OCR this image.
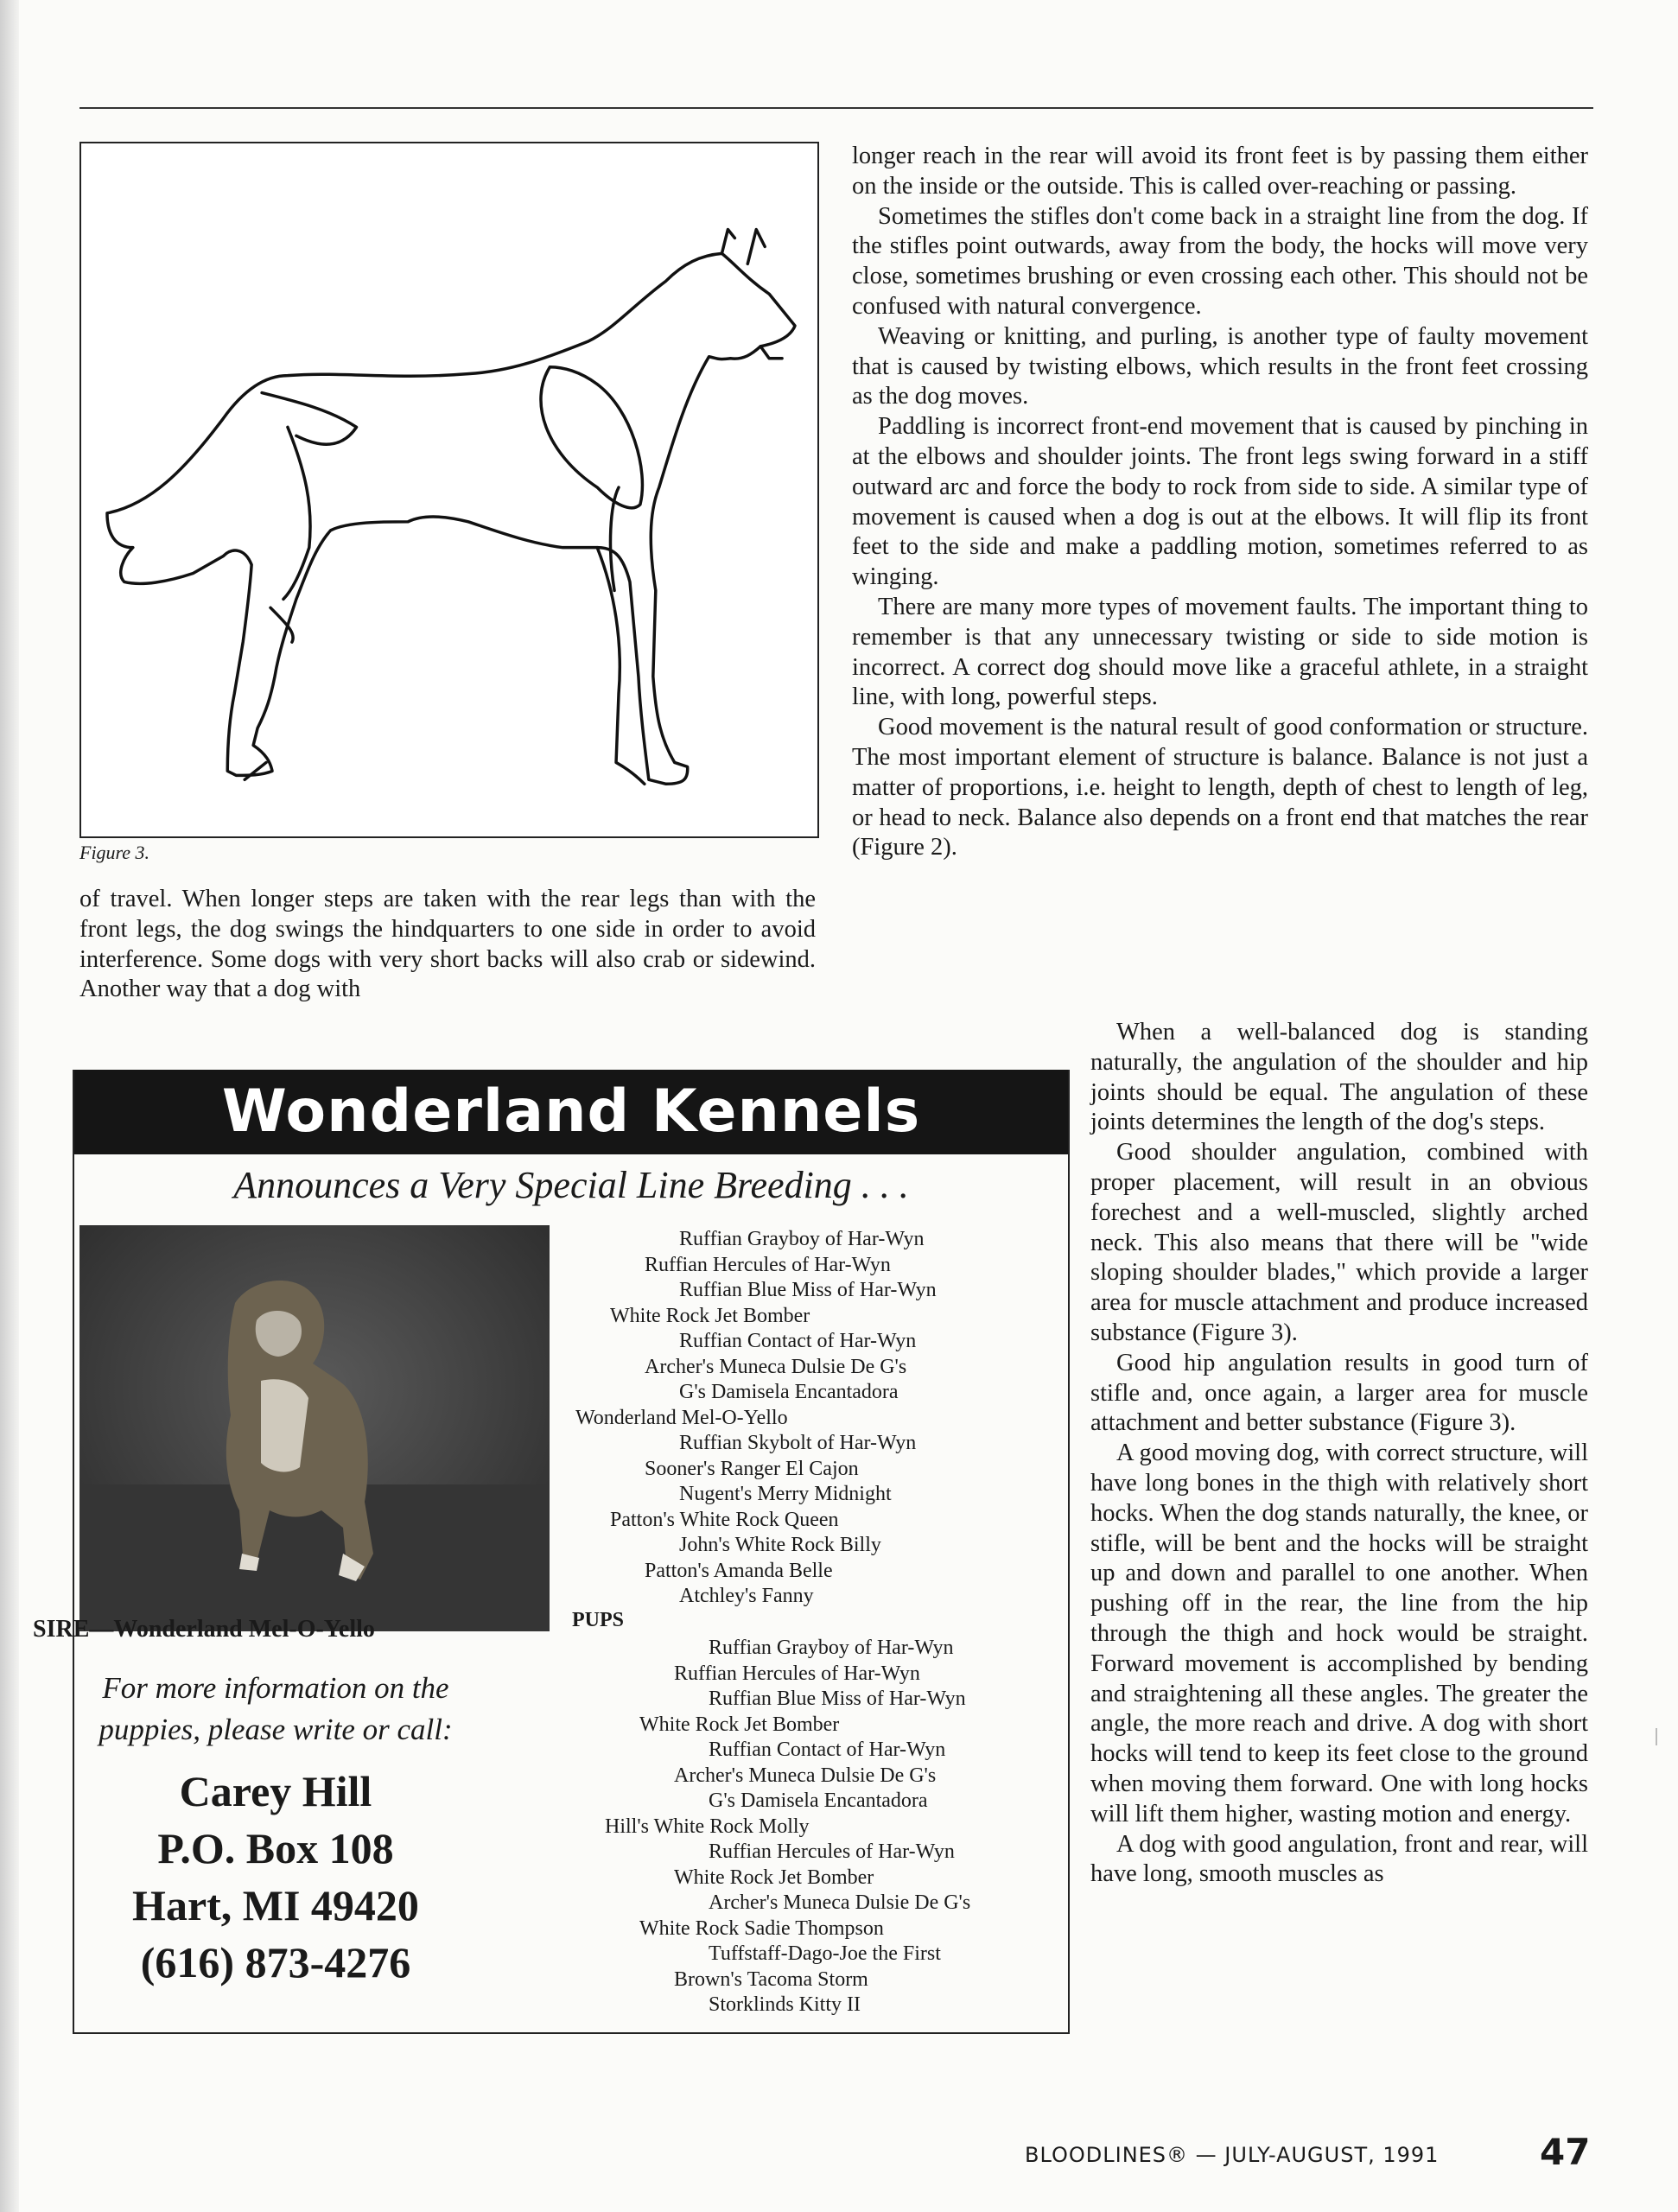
Figure 3.

of travel. When longer steps are taken with the rear legs than with the front legs, the dog swings the hindquarters to one side in order to avoid interference. Some dogs with very short backs will also crab or sidewind. Another way that a dog with

longer reach in the rear will avoid its front feet is by passing them either on the inside or the outside. This is called over-reaching or passing.

Sometimes the stifles don't come back in a straight line from the dog. If the stifles point outwards, away from the body, the hocks will move very close, sometimes brushing or even crossing each other. This should not be confused with natural convergence.

Weaving or knitting, and purling, is another type of faulty movement that is caused by twisting elbows, which results in the front feet crossing as the dog moves.

Paddling is incorrect front-end movement that is caused by pinching in at the elbows and shoulder joints. The front legs swing forward in a stiff outward arc and force the body to rock from side to side. A similar type of movement is caused when a dog is out at the elbows. It will flip its front feet to the side and make a paddling motion, sometimes referred to as winging.

There are many more types of movement faults. The important thing to remember is that any unnecessary twisting or side to side motion is incorrect. A correct dog should move like a graceful athlete, in a straight line, with long, powerful steps.

Good movement is the natural result of good conformation or structure. The most important element of structure is balance. Balance is not just a matter of proportions, i.e. height to length, depth of chest to length of leg, or head to neck. Balance also depends on a front end that matches the rear (Figure 2).

When a well-balanced dog is standing naturally, the angulation of the shoulder and hip joints should be equal. The angulation of these joints determines the length of the dog's steps.

Good shoulder angulation, combined with proper placement, will result in an obvious forechest and a well-muscled, slightly arched neck. This also means that there will be "wide sloping shoulder blades," which provide a larger area for muscle attachment and produce increased substance (Figure 3).

Good hip angulation results in good turn of stifle and, once again, a larger area for muscle attachment and better substance (Figure 3).

A good moving dog, with correct structure, will have long bones in the thigh with relatively short hocks. When the dog stands naturally, the knee, or stifle, will be bent and the hocks will be straight up and down and parallel to one another. When pushing off in the rear, the line from the hip through the thigh and hock would be straight. Forward movement is accomplished by bending and straightening all these angles. The greater the angle, the more reach and drive. A dog with short hocks will tend to keep its feet close to the ground when moving them forward. One with long hocks will lift them higher, wasting motion and energy.

A dog with good angulation, front and rear, will have long, smooth muscles as

Wonderland Kennels
Announces a Very Special Line Breeding . . .
Ruffian Grayboy of Har-Wyn
Ruffian Hercules of Har-Wyn
Ruffian Blue Miss of Har-Wyn
White Rock Jet Bomber
Ruffian Contact of Har-Wyn
Archer's Muneca Dulsie De G's
G's Damisela Encantadora
Wonderland Mel-O-Yello
Ruffian Skybolt of Har-Wyn
Sooner's Ranger El Cajon
Nugent's Merry Midnight
Patton's White Rock Queen
John's White Rock Billy
Patton's Amanda Belle
Atchley's Fanny
SIRE—Wonderland Mel-O-Yello	PUPS
Ruffian Grayboy of Har-Wyn
Ruffian Hercules of Har-Wyn
Ruffian Blue Miss of Har-Wyn
White Rock Jet Bomber
Ruffian Contact of Har-Wyn
Archer's Muneca Dulsie De G's
G's Damisela Encantadora
Hill's White Rock Molly
Ruffian Hercules of Har-Wyn
White Rock Jet Bomber
Archer's Muneca Dulsie De G's
White Rock Sadie Thompson
Tuffstaff-Dago-Joe the First
Brown's Tacoma Storm
Storklinds Kitty II
For more information on the
puppies, please write or call:
Carey Hill
P.O. Box 108
Hart, MI 49420
(616) 873-4276
BLOODLINES® — JULY-AUGUST, 1991	47
